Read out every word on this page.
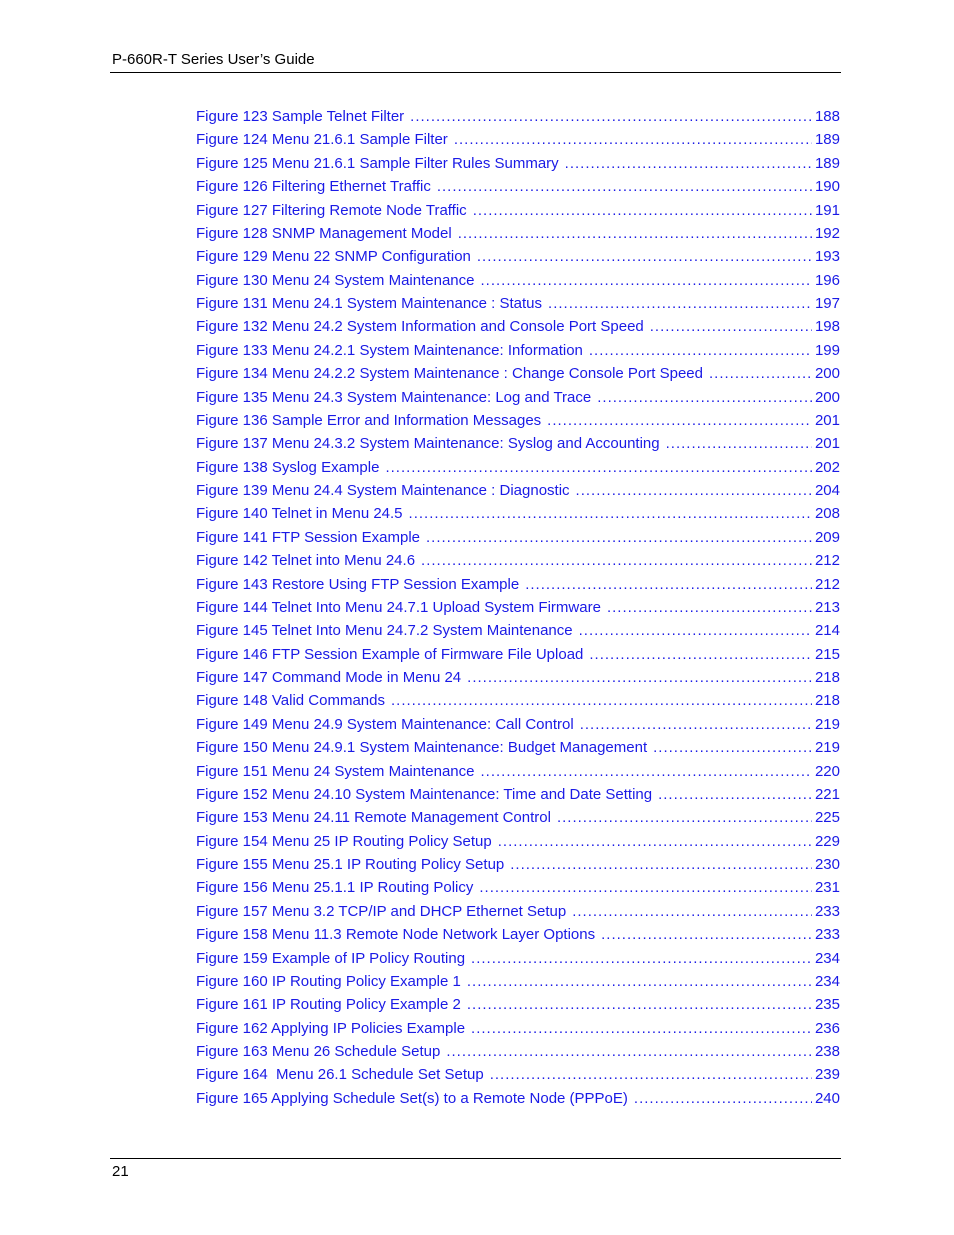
P-660R-T Series User’s Guide
Figure 123 Sample Telnet Filter .....	188
Figure 124 Menu 21.6.1 Sample Filter .....	189
Figure 125 Menu 21.6.1 Sample Filter Rules Summary .....	189
Figure 126 Filtering Ethernet Traffic .....	190
Figure 127 Filtering Remote Node Traffic .....	191
Figure 128 SNMP Management Model .....	192
Figure 129 Menu 22 SNMP Configuration .....	193
Figure 130 Menu 24 System Maintenance .....	196
Figure 131 Menu 24.1 System Maintenance : Status .....	197
Figure 132 Menu 24.2 System Information and Console Port Speed .....	198
Figure 133 Menu 24.2.1 System Maintenance: Information .....	199
Figure 134 Menu 24.2.2 System Maintenance : Change Console Port Speed .....	200
Figure 135 Menu 24.3 System Maintenance: Log and Trace .....	200
Figure 136 Sample Error and Information Messages .....	201
Figure 137 Menu 24.3.2 System Maintenance: Syslog and Accounting .....	201
Figure 138 Syslog Example .....	202
Figure 139 Menu 24.4 System Maintenance : Diagnostic .....	204
Figure 140 Telnet in Menu 24.5 .....	208
Figure 141 FTP Session Example .....	209
Figure 142 Telnet into Menu 24.6 .....	212
Figure 143 Restore Using FTP Session Example .....	212
Figure 144 Telnet Into Menu 24.7.1 Upload System Firmware .....	213
Figure 145 Telnet Into Menu 24.7.2 System Maintenance .....	214
Figure 146 FTP Session Example of Firmware File Upload .....	215
Figure 147 Command Mode in Menu 24 .....	218
Figure 148 Valid Commands .....	218
Figure 149 Menu 24.9 System Maintenance: Call Control .....	219
Figure 150 Menu 24.9.1 System Maintenance: Budget Management .....	219
Figure 151 Menu 24 System Maintenance .....	220
Figure 152 Menu 24.10 System Maintenance: Time and Date Setting .....	221
Figure 153 Menu 24.11 Remote Management Control .....	225
Figure 154 Menu 25 IP Routing Policy Setup .....	229
Figure 155 Menu 25.1 IP Routing Policy Setup .....	230
Figure 156 Menu 25.1.1 IP Routing Policy .....	231
Figure 157 Menu 3.2 TCP/IP and DHCP Ethernet Setup .....	233
Figure 158 Menu 11.3 Remote Node Network Layer Options .....	233
Figure 159 Example of IP Policy Routing .....	234
Figure 160 IP Routing Policy Example 1 .....	234
Figure 161 IP Routing Policy Example 2 .....	235
Figure 162 Applying IP Policies Example .....	236
Figure 163 Menu 26 Schedule Setup .....	238
Figure 164  Menu 26.1 Schedule Set Setup .....	239
Figure 165 Applying Schedule Set(s) to a Remote Node (PPPoE) .....	240
21
